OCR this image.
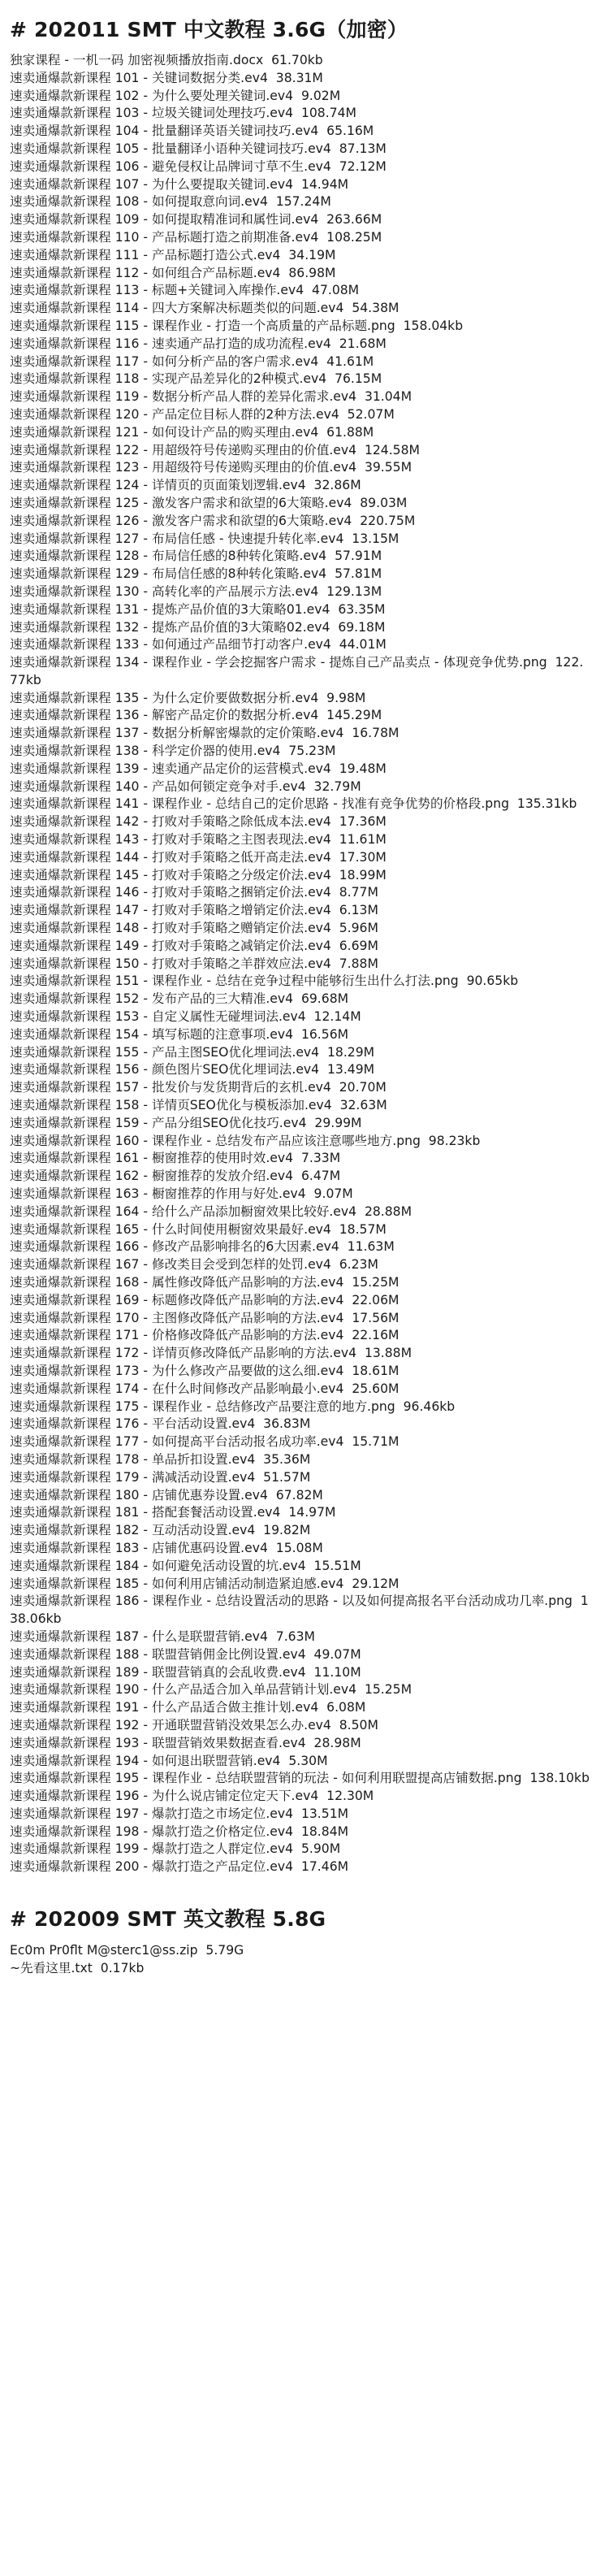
# 202011 SMT 中文教程 3.6G（加密）
独家课程 - 一机一码 加密视频播放指南.docx  61.70kb
速卖通爆款新课程 101 - 关键词数据分类.ev4  38.31M
速卖通爆款新课程 102 - 为什么要处理关键词.ev4  9.02M
速卖通爆款新课程 103 - 垃圾关键词处理技巧.ev4  108.74M
速卖通爆款新课程 104 - 批量翻译英语关键词技巧.ev4  65.16M
速卖通爆款新课程 105 - 批量翻译小语种关键词技巧.ev4  87.13M
速卖通爆款新课程 106 - 避免侵权让品牌词寸草不生.ev4  72.12M
速卖通爆款新课程 107 - 为什么要提取关键词.ev4  14.94M
速卖通爆款新课程 108 - 如何提取意向词.ev4  157.24M
速卖通爆款新课程 109 - 如何提取精准词和属性词.ev4  263.66M
速卖通爆款新课程 110 - 产品标题打造之前期准备.ev4  108.25M
速卖通爆款新课程 111 - 产品标题打造公式.ev4  34.19M
速卖通爆款新课程 112 - 如何组合产品标题.ev4  86.98M
速卖通爆款新课程 113 - 标题+关键词入库操作.ev4  47.08M
速卖通爆款新课程 114 - 四大方案解决标题类似的问题.ev4  54.38M
速卖通爆款新课程 115 - 课程作业 - 打造一个高质量的产品标题.png  158.04kb
速卖通爆款新课程 116 - 速卖通产品打造的成功流程.ev4  21.68M
速卖通爆款新课程 117 - 如何分析产品的客户需求.ev4  41.61M
速卖通爆款新课程 118 - 实现产品差异化的2种模式.ev4  76.15M
速卖通爆款新课程 119 - 数据分析产品人群的差异化需求.ev4  31.04M
速卖通爆款新课程 120 - 产品定位目标人群的2种方法.ev4  52.07M
速卖通爆款新课程 121 - 如何设计产品的购买理由.ev4  61.88M
速卖通爆款新课程 122 - 用超级符号传递购买理由的价值.ev4  124.58M
速卖通爆款新课程 123 - 用超级符号传递购买理由的价值.ev4  39.55M
速卖通爆款新课程 124 - 详情页的页面策划逻辑.ev4  32.86M
速卖通爆款新课程 125 - 激发客户需求和欲望的6大策略.ev4  89.03M
速卖通爆款新课程 126 - 激发客户需求和欲望的6大策略.ev4  220.75M
速卖通爆款新课程 127 - 布局信任感 - 快速提升转化率.ev4  13.15M
速卖通爆款新课程 128 - 布局信任感的8种转化策略.ev4  57.91M
速卖通爆款新课程 129 - 布局信任感的8种转化策略.ev4  57.81M
速卖通爆款新课程 130 - 高转化率的产品展示方法.ev4  129.13M
速卖通爆款新课程 131 - 提炼产品价值的3大策略01.ev4  63.35M
速卖通爆款新课程 132 - 提炼产品价值的3大策略02.ev4  69.18M
速卖通爆款新课程 133 - 如何通过产品细节打动客户.ev4  44.01M
速卖通爆款新课程 134 - 课程作业 - 学会挖掘客户需求 - 提炼自己产品卖点 - 体现竞争优势.png  122.77kb
速卖通爆款新课程 135 - 为什么定价要做数据分析.ev4  9.98M
速卖通爆款新课程 136 - 解密产品定价的数据分析.ev4  145.29M
速卖通爆款新课程 137 - 数据分析解密爆款的定价策略.ev4  16.78M
速卖通爆款新课程 138 - 科学定价器的使用.ev4  75.23M
速卖通爆款新课程 139 - 速卖通产品定价的运营模式.ev4  19.48M
速卖通爆款新课程 140 - 产品如何锁定竞争对手.ev4  32.79M
速卖通爆款新课程 141 - 课程作业 - 总结自己的定价思路 - 找准有竞争优势的价格段.png  135.31kb
速卖通爆款新课程 142 - 打败对手策略之除低成本法.ev4  17.36M
速卖通爆款新课程 143 - 打败对手策略之主图表现法.ev4  11.61M
速卖通爆款新课程 144 - 打败对手策略之低开高走法.ev4  17.30M
速卖通爆款新课程 145 - 打败对手策略之分级定价法.ev4  18.99M
速卖通爆款新课程 146 - 打败对手策略之捆销定价法.ev4  8.77M
速卖通爆款新课程 147 - 打败对手策略之增销定价法.ev4  6.13M
速卖通爆款新课程 148 - 打败对手策略之赠销定价法.ev4  5.96M
速卖通爆款新课程 149 - 打败对手策略之减销定价法.ev4  6.69M
速卖通爆款新课程 150 - 打败对手策略之羊群效应法.ev4  7.88M
速卖通爆款新课程 151 - 课程作业 - 总结在竞争过程中能够衍生出什么打法.png  90.65kb
速卖通爆款新课程 152 - 发布产品的三大精准.ev4  69.68M
速卖通爆款新课程 153 - 自定义属性无碰埋词法.ev4  12.14M
速卖通爆款新课程 154 - 填写标题的注意事项.ev4  16.56M
速卖通爆款新课程 155 - 产品主图SEO优化埋词法.ev4  18.29M
速卖通爆款新课程 156 - 颜色图片SEO优化埋词法.ev4  13.49M
速卖通爆款新课程 157 - 批发价与发货期背后的玄机.ev4  20.70M
速卖通爆款新课程 158 - 详情页SEO优化与模板添加.ev4  32.63M
速卖通爆款新课程 159 - 产品分组SEO优化技巧.ev4  29.99M
速卖通爆款新课程 160 - 课程作业 - 总结发布产品应该注意哪些地方.png  98.23kb
速卖通爆款新课程 161 - 橱窗推荐的使用时效.ev4  7.33M
速卖通爆款新课程 162 - 橱窗推荐的发放介绍.ev4  6.47M
速卖通爆款新课程 163 - 橱窗推荐的作用与好处.ev4  9.07M
速卖通爆款新课程 164 - 给什么产品添加橱窗效果比较好.ev4  28.88M
速卖通爆款新课程 165 - 什么时间使用橱窗效果最好.ev4  18.57M
速卖通爆款新课程 166 - 修改产品影响排名的6大因素.ev4  11.63M
速卖通爆款新课程 167 - 修改类目会受到怎样的处罚.ev4  6.23M
速卖通爆款新课程 168 - 属性修改降低产品影响的方法.ev4  15.25M
速卖通爆款新课程 169 - 标题修改降低产品影响的方法.ev4  22.06M
速卖通爆款新课程 170 - 主图修改降低产品影响的方法.ev4  17.56M
速卖通爆款新课程 171 - 价格修改降低产品影响的方法.ev4  22.16M
速卖通爆款新课程 172 - 详情页修改降低产品影响的方法.ev4  13.88M
速卖通爆款新课程 173 - 为什么修改产品要做的这么细.ev4  18.61M
速卖通爆款新课程 174 - 在什么时间修改产品影响最小.ev4  25.60M
速卖通爆款新课程 175 - 课程作业 - 总结修改产品要注意的地方.png  96.46kb
速卖通爆款新课程 176 - 平台活动设置.ev4  36.83M
速卖通爆款新课程 177 - 如何提高平台活动报名成功率.ev4  15.71M
速卖通爆款新课程 178 - 单品折扣设置.ev4  35.36M
速卖通爆款新课程 179 - 满减活动设置.ev4  51.57M
速卖通爆款新课程 180 - 店铺优惠券设置.ev4  67.82M
速卖通爆款新课程 181 - 搭配套餐活动设置.ev4  14.97M
速卖通爆款新课程 182 - 互动活动设置.ev4  19.82M
速卖通爆款新课程 183 - 店铺优惠码设置.ev4  15.08M
速卖通爆款新课程 184 - 如何避免活动设置的坑.ev4  15.51M
速卖通爆款新课程 185 - 如何利用店铺活动制造紧迫感.ev4  29.12M
速卖通爆款新课程 186 - 课程作业 - 总结设置活动的思路 - 以及如何提高报名平台活动成功几率.png  138.06kb
速卖通爆款新课程 187 - 什么是联盟营销.ev4  7.63M
速卖通爆款新课程 188 - 联盟营销佣金比例设置.ev4  49.07M
速卖通爆款新课程 189 - 联盟营销真的会乱收费.ev4  11.10M
速卖通爆款新课程 190 - 什么产品适合加入单品营销计划.ev4  15.25M
速卖通爆款新课程 191 - 什么产品适合做主推计划.ev4  6.08M
速卖通爆款新课程 192 - 开通联盟营销没效果怎么办.ev4  8.50M
速卖通爆款新课程 193 - 联盟营销效果数据查看.ev4  28.98M
速卖通爆款新课程 194 - 如何退出联盟营销.ev4  5.30M
速卖通爆款新课程 195 - 课程作业 - 总结联盟营销的玩法 - 如何利用联盟提高店铺数据.png  138.10kb
速卖通爆款新课程 196 - 为什么说店铺定位定天下.ev4  12.30M
速卖通爆款新课程 197 - 爆款打造之市场定位.ev4  13.51M
速卖通爆款新课程 198 - 爆款打造之价格定位.ev4  18.84M
速卖通爆款新课程 199 - 爆款打造之人群定位.ev4  5.90M
速卖通爆款新课程 200 - 爆款打造之产品定位.ev4  17.46M
# 202009 SMT 英文教程 5.8G
Ec0m Pr0flt M@sterc1@ss.zip  5.79G
~先看这里.txt  0.17kb
